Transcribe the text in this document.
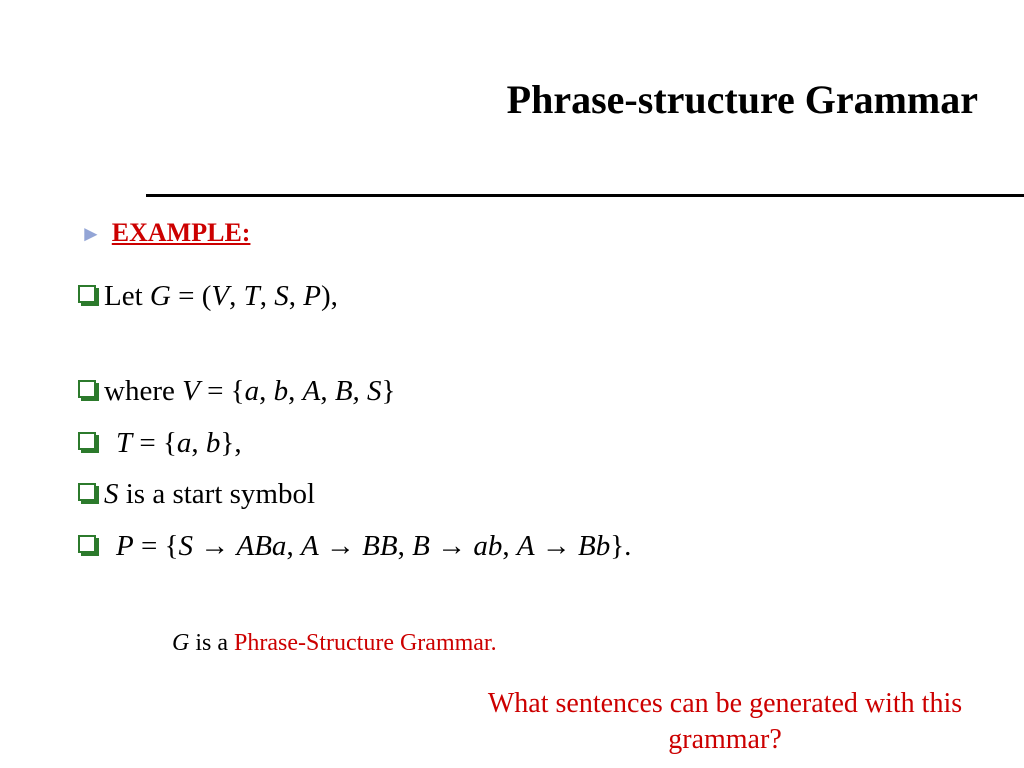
Phrase-structure Grammar
► EXAMPLE:
Let
G = (V, T, S, P),
where
V = {a, b, A, B, S}
T = {a, b},
S
is a start symbol
P = {S → ABa, A → BB, B → ab, A → Bb}.
G is a Phrase-Structure Grammar.
What sentences can be generated with this grammar?
